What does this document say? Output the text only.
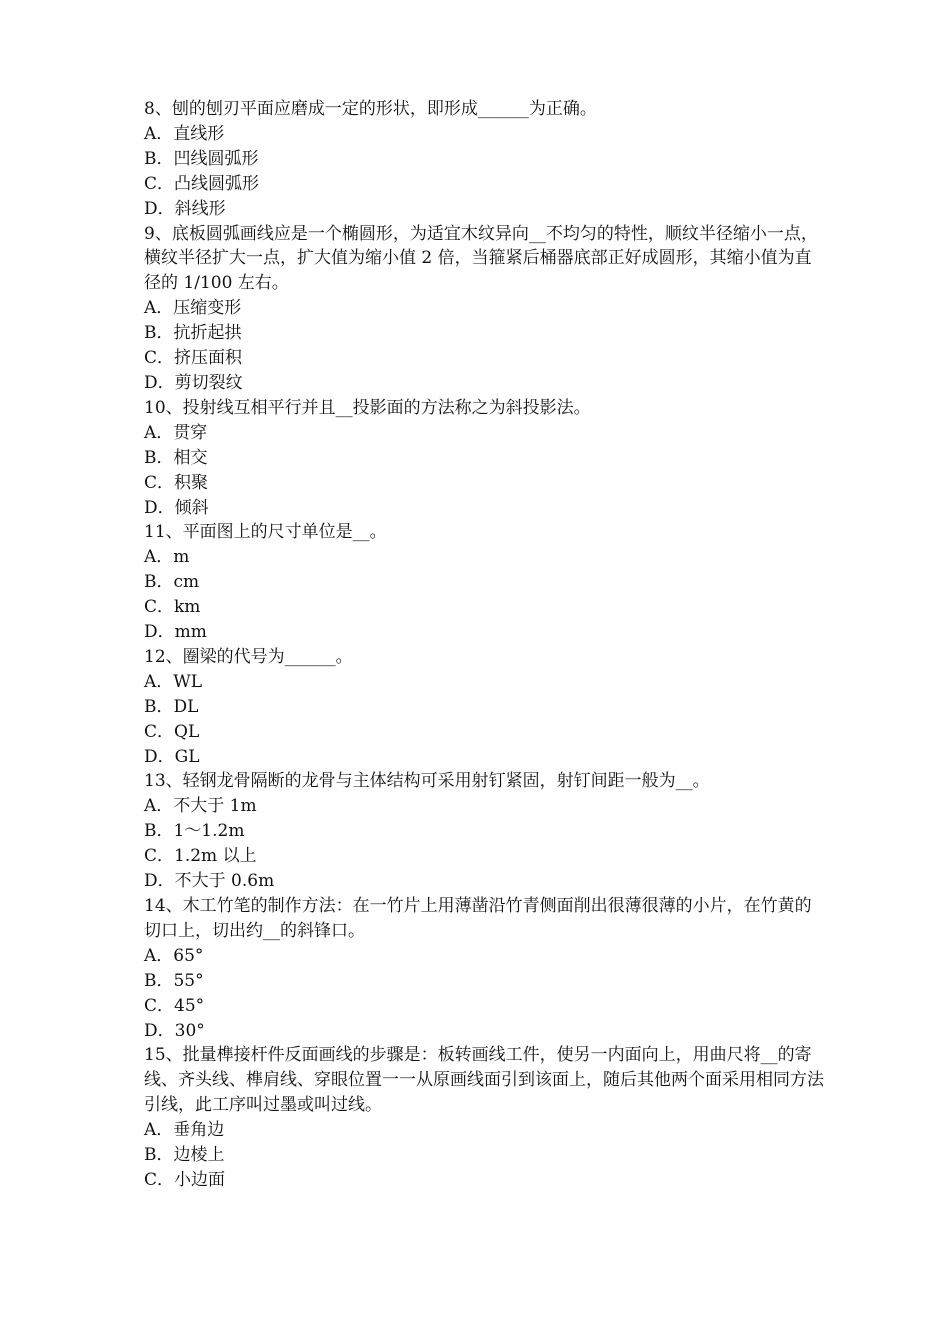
8、刨的刨刃平面应磨成一定的形状，即形成______为正确。

A．直线形

B．凹线圆弧形

C．凸线圆弧形

D．斜线形

9、底板圆弧画线应是一个椭圆形，为适宜木纹异向__不均匀的特性，顺纹半径缩小一点，横纹半径扩大一点，扩大值为缩小值 2 倍，当箍紧后桶器底部正好成圆形，其缩小值为直径的 1/100 左右。

A．压缩变形

B．抗折起拱

C．挤压面积

D．剪切裂纹

10、投射线互相平行并且__投影面的方法称之为斜投影法。

A．贯穿

B．相交

C．积聚

D．倾斜

11、平面图上的尺寸单位是__。

A．m

B．cm

C．km

D．mm

12、圈梁的代号为______。

A．WL

B．DL

C．QL

D．GL

13、轻钢龙骨隔断的龙骨与主体结构可采用射钉紧固，射钉间距一般为__。

A．不大于 1m

B．1～1.2m

C．1.2m 以上

D．不大于 0.6m

14、木工竹笔的制作方法：在一竹片上用薄凿沿竹青侧面削出很薄很薄的小片，在竹黄的切口上，切出约__的斜锋口。

A．65°

B．55°

C．45°

D．30°

15、批量榫接杆件反面画线的步骤是：板转画线工件，使另一内面向上，用曲尺将__的寄线、齐头线、榫肩线、穿眼位置一一从原画线面引到该面上，随后其他两个面采用相同方法引线，此工序叫过墨或叫过线。

A．垂角边

B．边棱上

C．小边面
